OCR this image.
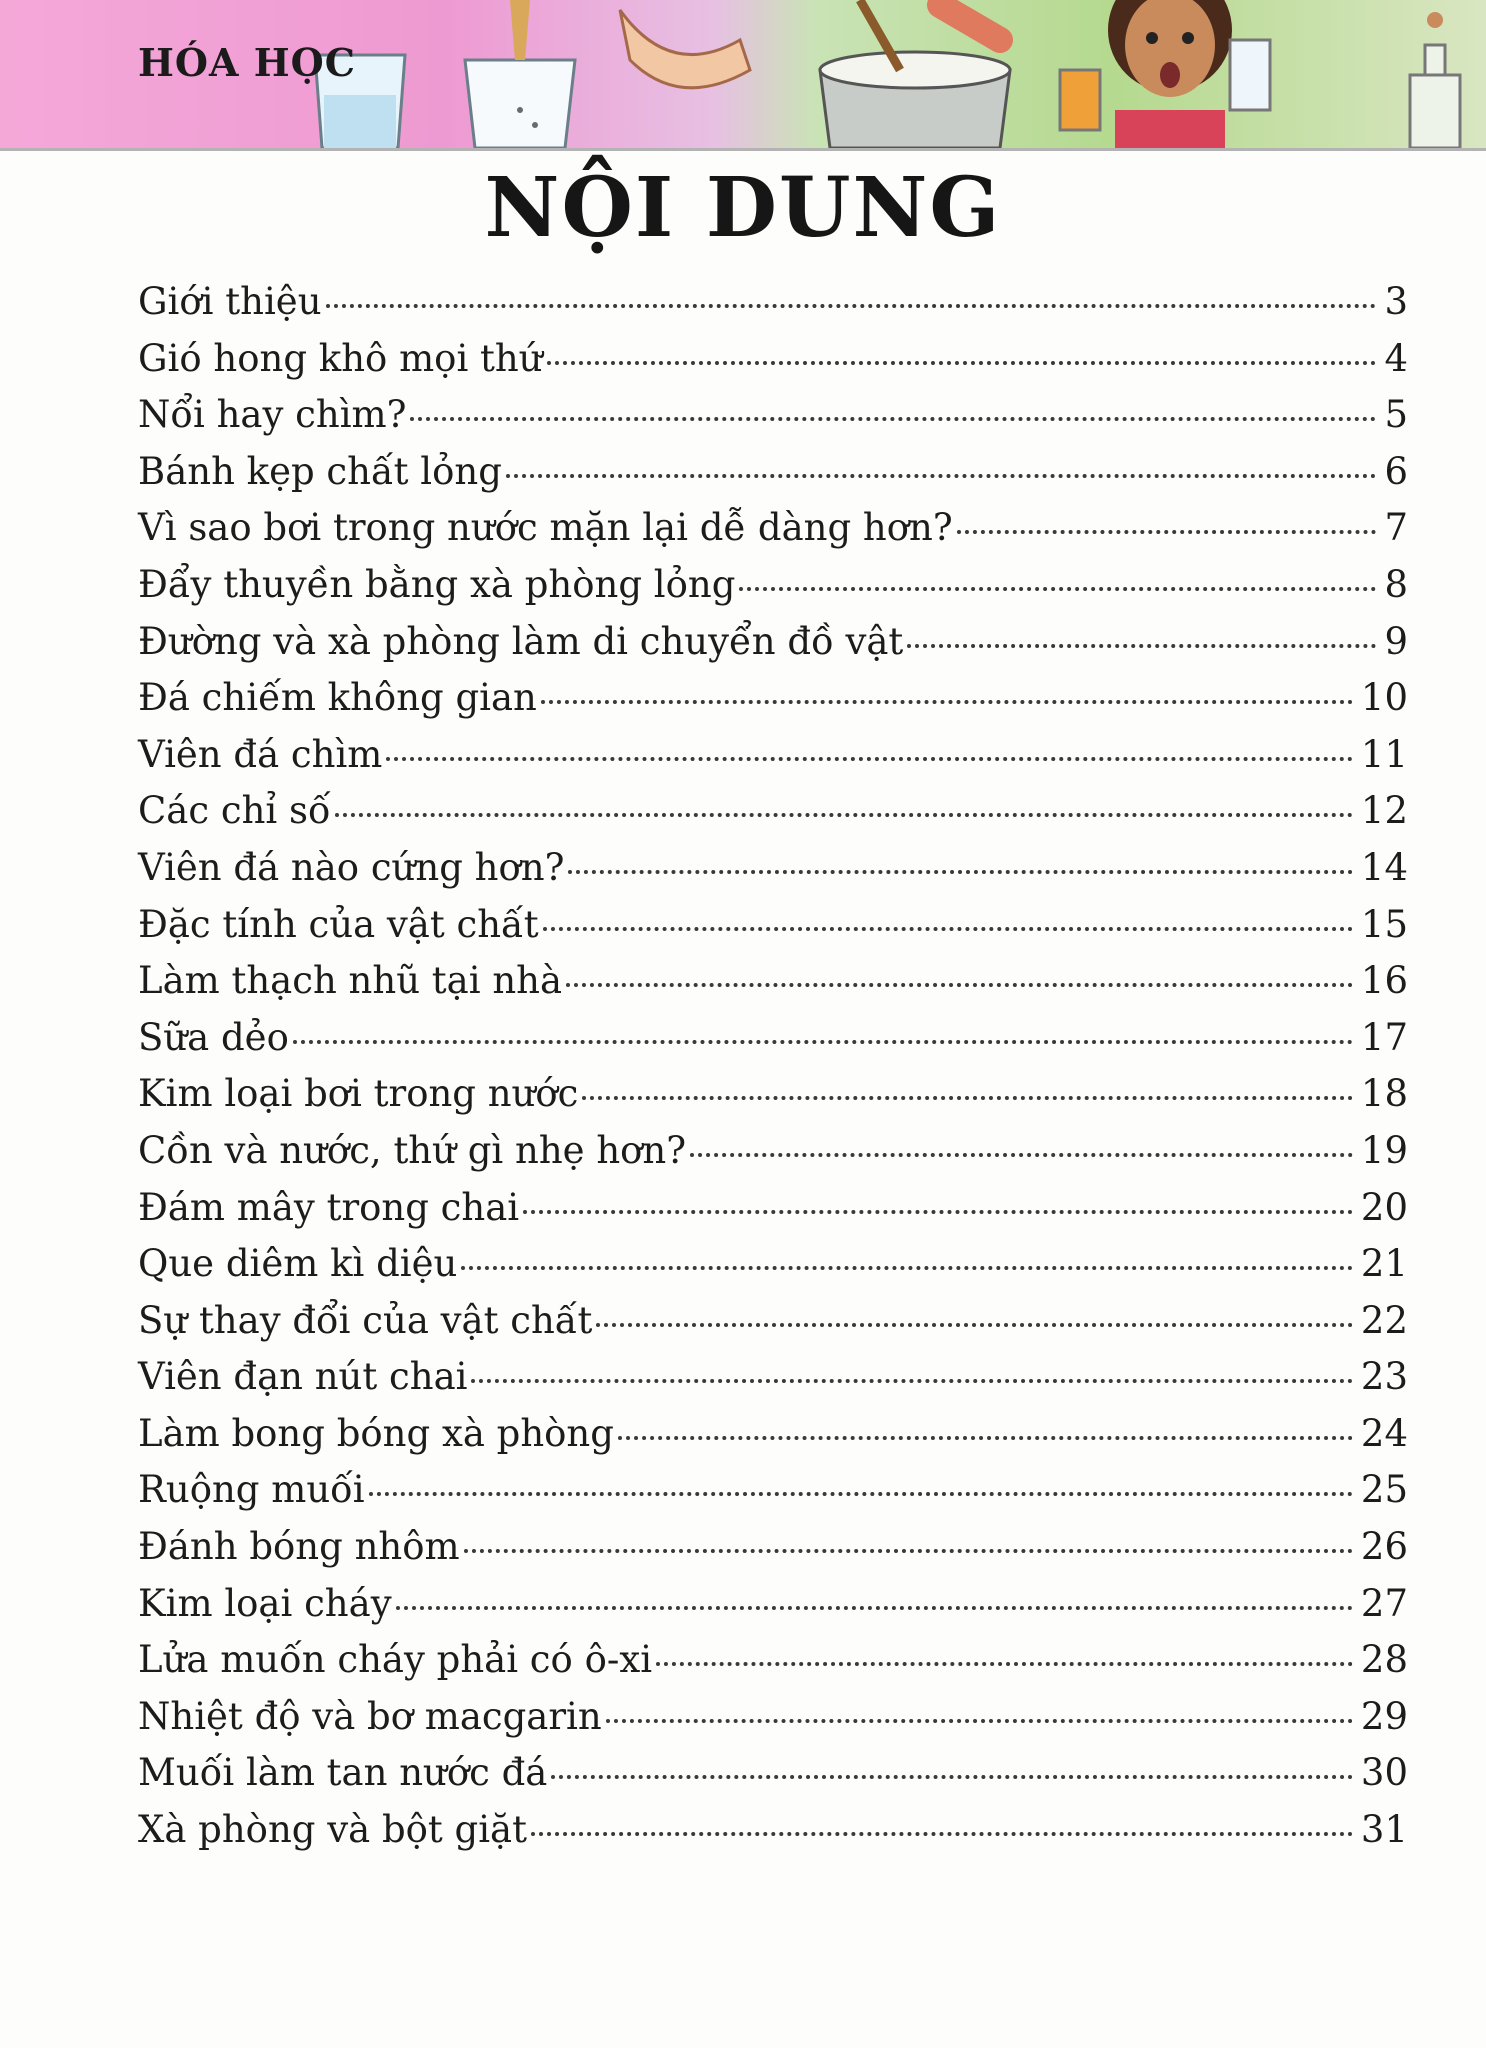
HÓA HỌC
NỘI DUNG
Giới thiệu	3
Gió hong khô mọi thứ	4
Nổi hay chìm?	5
Bánh kẹp chất lỏng	6
Vì sao bơi trong nước mặn lại dễ dàng hơn?	7
Đẩy thuyền bằng xà phòng lỏng	8
Đường và xà phòng làm di chuyển đồ vật	9
Đá chiếm không gian	10
Viên đá chìm	11
Các chỉ số	12
Viên đá nào cứng hơn?	14
Đặc tính của vật chất	15
Làm thạch nhũ tại nhà	16
Sữa dẻo	17
Kim loại bơi trong nước	18
Cồn và nước, thứ gì nhẹ hơn?	19
Đám mây trong chai	20
Que diêm kì diệu	21
Sự thay đổi của vật chất	22
Viên đạn nút chai	23
Làm bong bóng xà phòng	24
Ruộng muối	25
Đánh bóng nhôm	26
Kim loại cháy	27
Lửa muốn cháy phải có ô-xi	28
Nhiệt độ và bơ macgarin	29
Muối làm tan nước đá	30
Xà phòng và bột giặt	31
